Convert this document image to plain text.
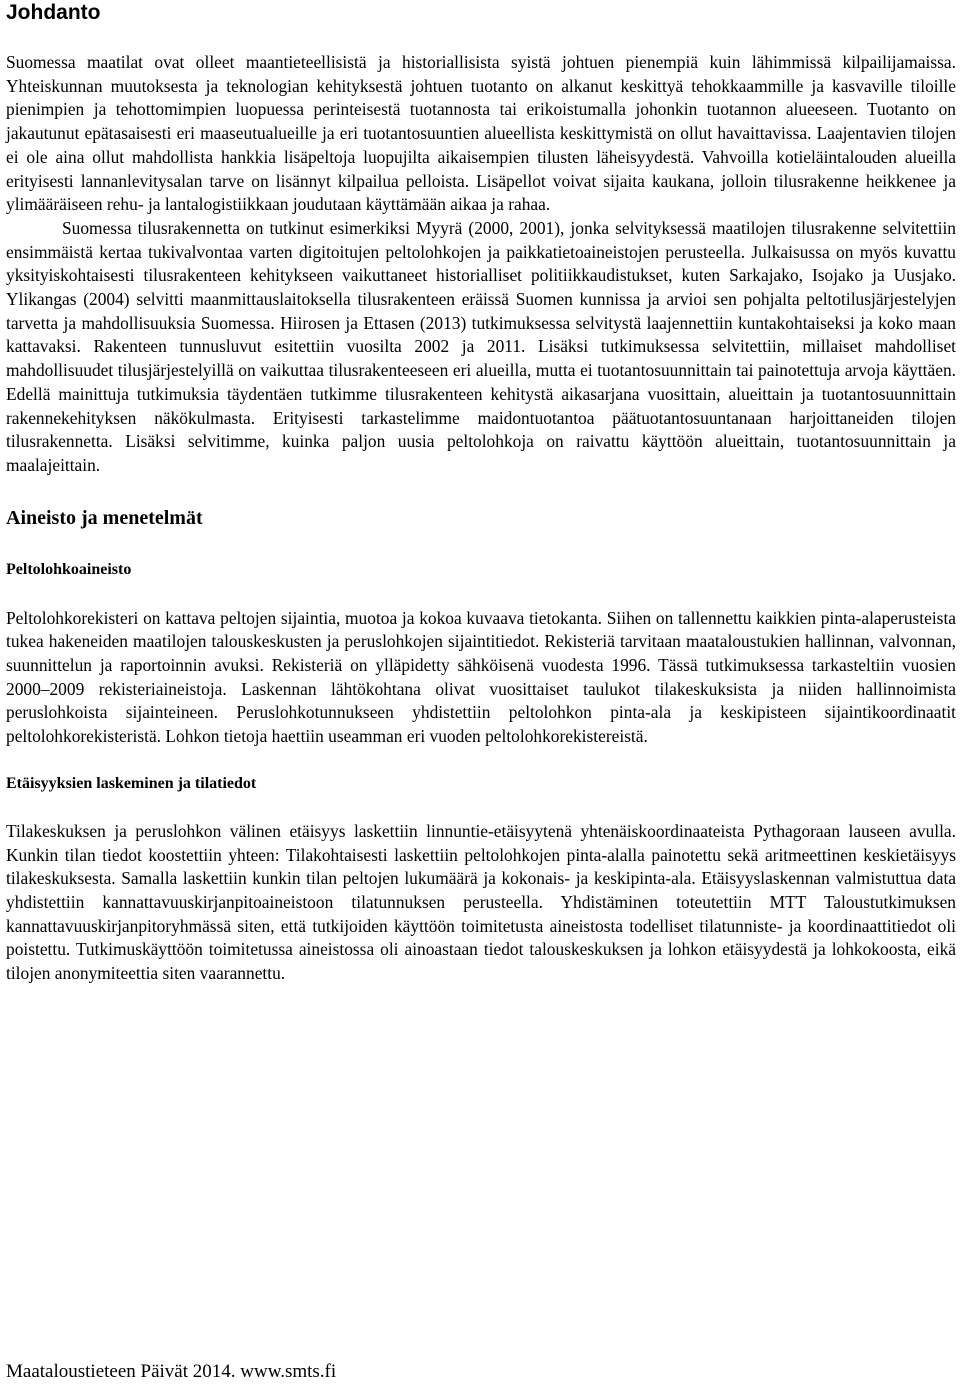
Johdanto

Suomessa maatilat ovat olleet maantieteellisistä ja historiallisista syistä johtuen pienempiä kuin lähimmissä kilpailijamaissa. Yhteiskunnan muutoksesta ja teknologian kehityksestä johtuen tuotanto on alkanut keskittyä tehokkaammille ja kasvaville tiloille pienimpien ja tehottomimpien luopuessa perinteisestä tuotannosta tai erikoistumalla johonkin tuotannon alueeseen. Tuotanto on jakautunut epätasaisesti eri maaseutualueille ja eri tuotantosuuntien alueellista keskittymistä on ollut havaittavissa. Laajentavien tilojen ei ole aina ollut mahdollista hankkia lisäpeltoja luopujilta aikaisempien tilusten läheisyydestä. Vahvoilla kotieläintalouden alueilla erityisesti lannanlevitysalan tarve on lisännyt kilpailua pelloista. Lisäpellot voivat sijaita kaukana, jolloin tilusrakenne heikkenee ja ylimääräiseen rehu- ja lantalogistiikkaan joudutaan käyttämään aikaa ja rahaa.

Suomessa tilusrakennetta on tutkinut esimerkiksi Myyrä (2000, 2001), jonka selvityksessä maatilojen tilusrakenne selvitettiin ensimmäistä kertaa tukivalvontaa varten digitoitujen peltolohkojen ja paikkatietoaineistojen perusteella. Julkaisussa on myös kuvattu yksityiskohtaisesti tilusrakenteen kehitykseen vaikuttaneet historialliset politiikkaudistukset, kuten Sarkajako, Isojako ja Uusjako. Ylikangas (2004) selvitti maanmittauslaitoksella tilusrakenteen eräissä Suomen kunnissa ja arvioi sen pohjalta peltotilusjärjestelyjen tarvetta ja mahdollisuuksia Suomessa. Hiirosen ja Ettasen (2013) tutkimuksessa selvitystä laajennettiin kuntakohtaiseksi ja koko maan kattavaksi. Rakenteen tunnusluvut esitettiin vuosilta 2002 ja 2011. Lisäksi tutkimuksessa selvitettiin, millaiset mahdolliset mahdollisuudet tilusjärjestelyillä on vaikuttaa tilusrakenteeseen eri alueilla, mutta ei tuotantosuunnittain tai painotettuja arvoja käyttäen. Edellä mainittuja tutkimuksia täydentäen tutkimme tilusrakenteen kehitystä aikasarjana vuosittain, alueittain ja tuotantosuunnittain rakennekehityksen näkökulmasta. Erityisesti tarkastelimme maidontuotantoa päätuotantosuuntanaan harjoittaneiden tilojen tilusrakennetta. Lisäksi selvitimme, kuinka paljon uusia peltolohkoja on raivattu käyttöön alueittain, tuotantosuunnittain ja maalajeittain.

Aineisto ja menetelmät
Peltolohkoaineisto

Peltolohkorekisteri on kattava peltojen sijaintia, muotoa ja kokoa kuvaava tietokanta. Siihen on tallennettu kaikkien pinta-alaperusteista tukea hakeneiden maatilojen talouskeskusten ja peruslohkojen sijaintitiedot. Rekisteriä tarvitaan maataloustukien hallinnan, valvonnan, suunnittelun ja raportoinnin avuksi. Rekisteriä on ylläpidetty sähköisenä vuodesta 1996. Tässä tutkimuksessa tarkasteltiin vuosien 2000–2009 rekisteriaineistoja. Laskennan lähtökohtana olivat vuosittaiset taulukot tilakeskuksista ja niiden hallinnoimista peruslohkoista sijainteineen. Peruslohkotunnukseen yhdistettiin peltolohkon pinta-ala ja keskipisteen sijaintikoordinaatit peltolohkorekisteristä. Lohkon tietoja haettiin useamman eri vuoden peltolohkorekistereistä.

Etäisyyksien laskeminen ja tilatiedot

Tilakeskuksen ja peruslohkon välinen etäisyys laskettiin linnuntie-etäisyytenä yhtenäiskoordinaateista Pythagoraan lauseen avulla. Kunkin tilan tiedot koostettiin yhteen: Tilakohtaisesti laskettiin peltolohkojen pinta-alalla painotettu sekä aritmeettinen keskietäisyys tilakeskuksesta. Samalla laskettiin kunkin tilan peltojen lukumäärä ja kokonais- ja keskipinta-ala. Etäisyyslaskennan valmistuttua data yhdistettiin kannattavuuskirjanpitoaineistoon tilatunnuksen perusteella. Yhdistäminen toteutettiin MTT Taloustutkimuksen kannattavuuskirjanpitoryhmässä siten, että tutkijoiden käyttöön toimitetusta aineistosta todelliset tilatunniste- ja koordinaattitiedot oli poistettu. Tutkimuskäyttöön toimitetussa aineistossa oli ainoastaan tiedot talouskeskuksen ja lohkon etäisyydestä ja lohkokoosta, eikä tilojen anonymiteettia siten vaarannettu.

Maataloustieteen Päivät 2014. www.smts.fi
